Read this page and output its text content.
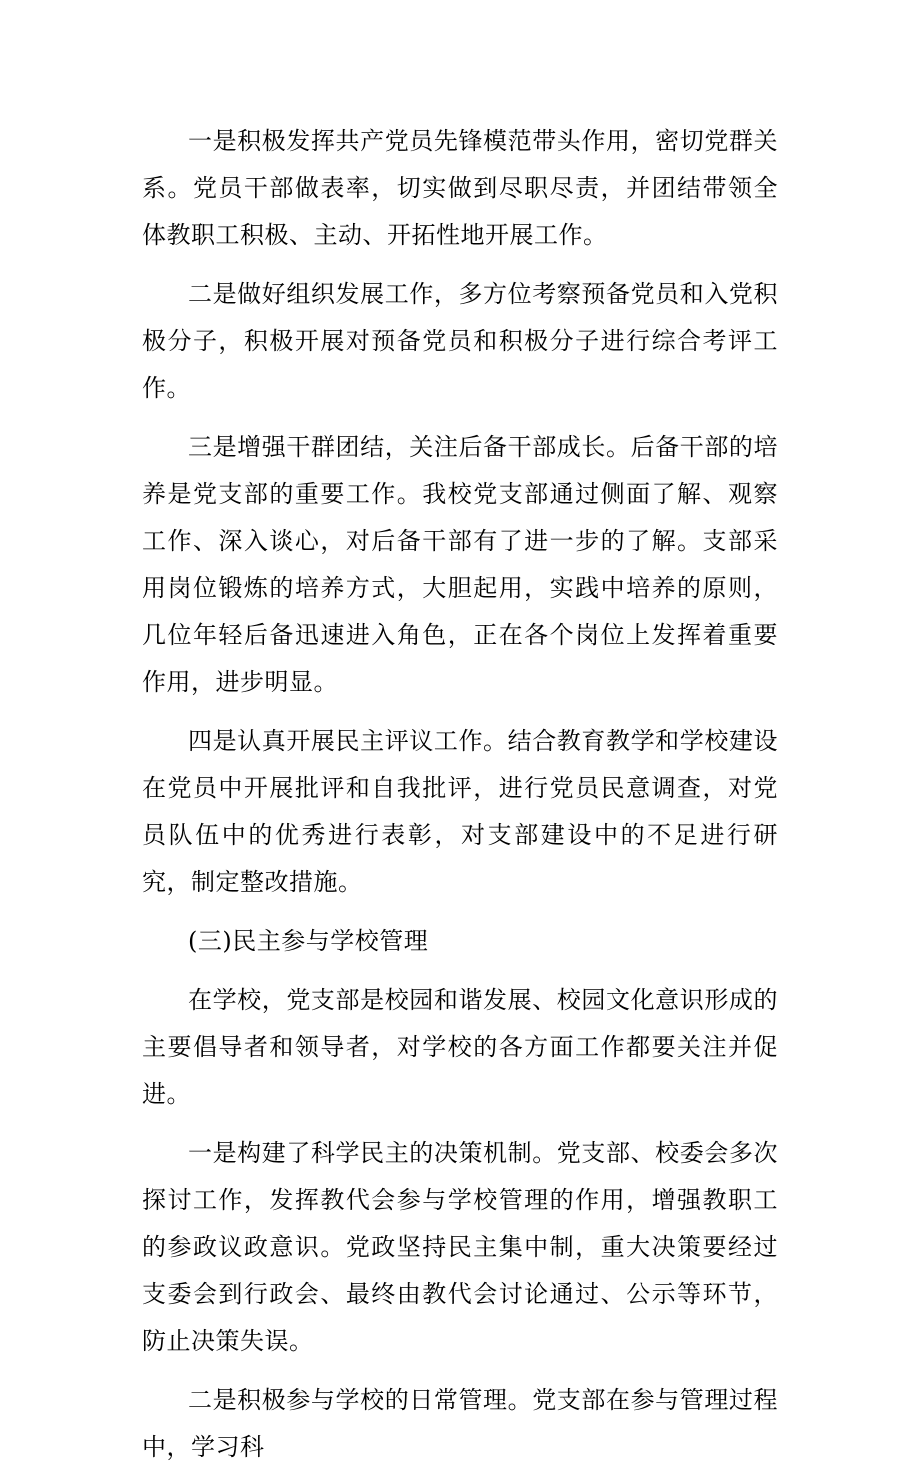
一是积极发挥共产党员先锋模范带头作用，密切党群关系。党员干部做表率，切实做到尽职尽责，并团结带领全体教职工积极、主动、开拓性地开展工作。

二是做好组织发展工作，多方位考察预备党员和入党积极分子，积极开展对预备党员和积极分子进行综合考评工作。

三是增强干群团结，关注后备干部成长。后备干部的培养是党支部的重要工作。我校党支部通过侧面了解、观察工作、深入谈心，对后备干部有了进一步的了解。支部采用岗位锻炼的培养方式，大胆起用，实践中培养的原则，几位年轻后备迅速进入角色，正在各个岗位上发挥着重要作用，进步明显。

四是认真开展民主评议工作。结合教育教学和学校建设在党员中开展批评和自我批评，进行党员民意调查，对党员队伍中的优秀进行表彰，对支部建设中的不足进行研究，制定整改措施。

(三)民主参与学校管理

在学校，党支部是校园和谐发展、校园文化意识形成的主要倡导者和领导者，对学校的各方面工作都要关注并促进。

一是构建了科学民主的决策机制。党支部、校委会多次探讨工作，发挥教代会参与学校管理的作用，增强教职工的参政议政意识。党政坚持民主集中制，重大决策要经过支委会到行政会、最终由教代会讨论通过、公示等环节，防止决策失误。

二是积极参与学校的日常管理。党支部在参与管理过程中，学习科
